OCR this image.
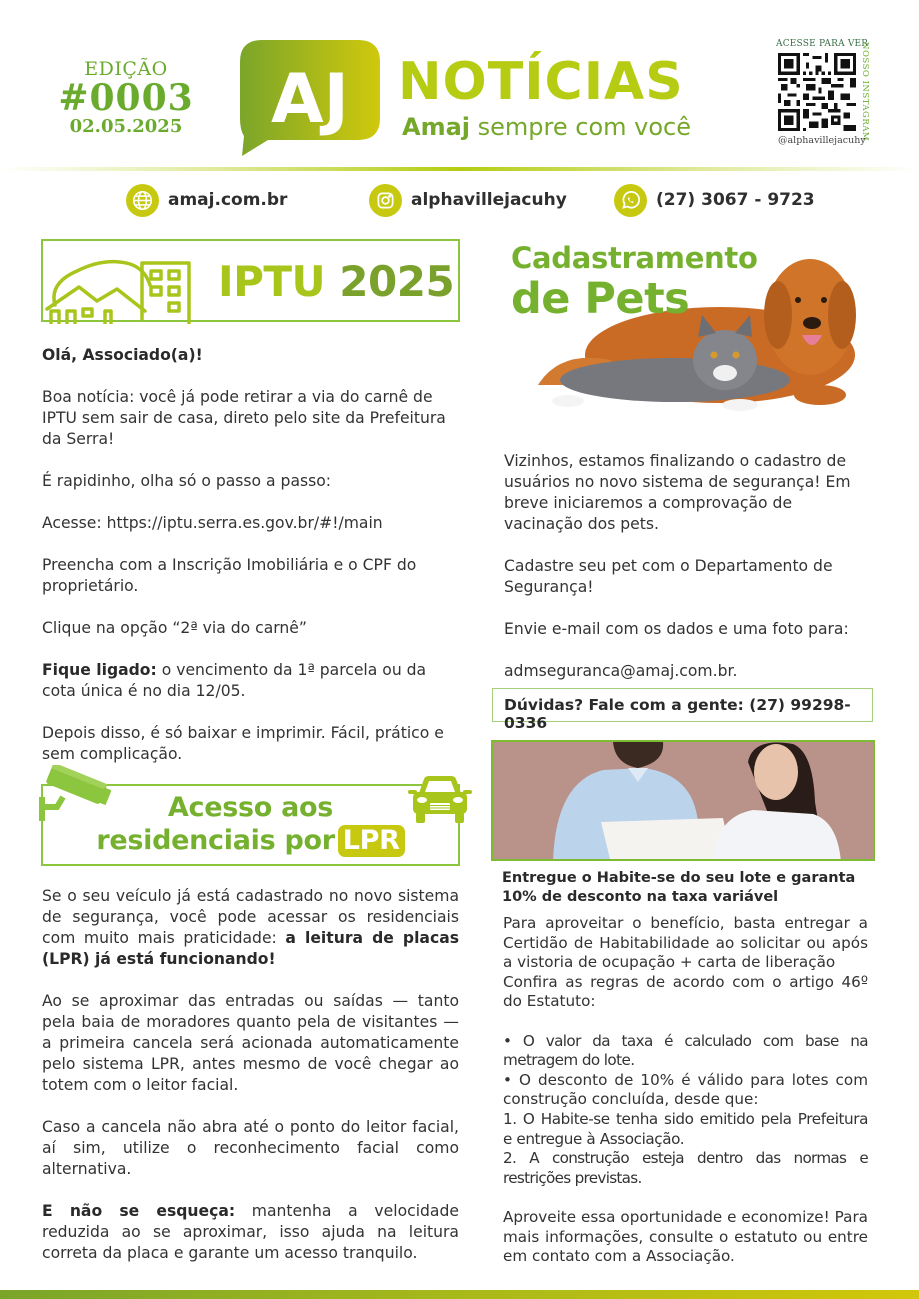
EDIÇÃO
#0003
02.05.2025 AJ NOTÍCIAS
Amaj sempre com você
ACESSE PARA VER
NOSSO INSTAGRAM
@alphavillejacuhy
amaj.com.br	alphavillejacuhy	(27) 3067 - 9723
IPTU 2025
Olá, Associado(a)!
Boa notícia: você já pode retirar a via do carnê de IPTU sem sair de casa, direto pelo site da Prefeitura da Serra!
É rapidinho, olha só o passo a passo:
Acesse: https://iptu.serra.es.gov.br/#!/main
Preencha com a Inscrição Imobiliária e o CPF do proprietário.
Clique na opção “2ª via do carnê”
Fique ligado: o vencimento da 1ª parcela ou da cota única é no dia 12/05.
Depois disso, é só baixar e imprimir. Fácil, prático e sem complicação.
Cadastramento
de Pets
Vizinhos, estamos finalizando o cadastro de usuários no novo sistema de segurança! Em breve iniciaremos a comprovação de vacinação dos pets.
Cadastre seu pet com o Departamento de Segurança!
Envie e-mail com os dados e uma foto para:
admseguranca@amaj.com.br.
Dúvidas? Fale com a gente: (27) 99298-0336
Acesso aos
residenciais por LPR
Se o seu veículo já está cadastrado no novo sistema de segurança, você pode acessar os residenciais com muito mais praticidade: a leitura de placas (LPR) já está funcionando!
Ao se aproximar das entradas ou saídas — tanto pela baia de moradores quanto pela de visitantes — a primeira cancela será acionada automaticamente pelo sistema LPR, antes mesmo de você chegar ao totem com o leitor facial.
Caso a cancela não abra até o ponto do leitor facial, aí sim, utilize o reconhecimento facial como alternativa.
E não se esqueça: mantenha a velocidade reduzida ao se aproximar, isso ajuda na leitura correta da placa e garante um acesso tranquilo.
Entregue o Habite-se do seu lote e garanta 10% de desconto na taxa variável
Para aproveitar o benefício, basta entregar a Certidão de Habitabilidade ao solicitar ou após a vistoria de ocupação + carta de liberação
Confira as regras de acordo com o artigo 46º do Estatuto:
• O valor da taxa é calculado com base na metragem do lote.
• O desconto de 10% é válido para lotes com construção concluída, desde que:
1. O Habite-se tenha sido emitido pela Prefeitura e entregue à Associação.
2. A construção esteja dentro das normas e restrições previstas.
Aproveite essa oportunidade e economize! Para mais informações, consulte o estatuto ou entre em contato com a Associação.
